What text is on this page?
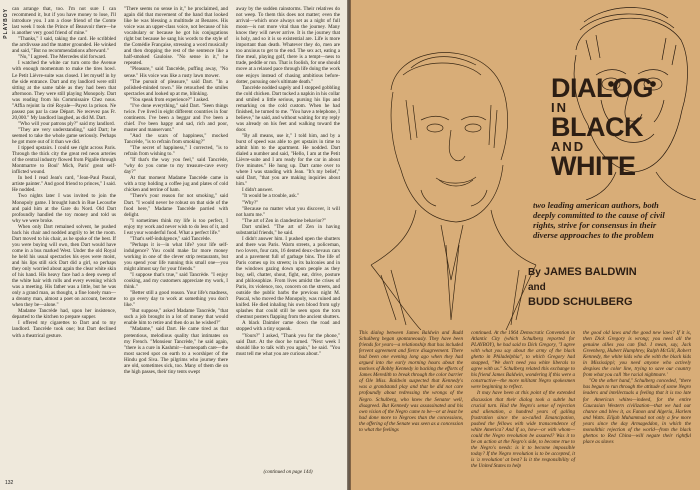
PLAYBOY can arrange that, too. I'm not sure I can recommend it, but if you have money to lose, I'll introduce you. I am a close friend of the Comte last week I took the Prince of Beauvoir there—he is another very good friend of mine."

"Thanks," I said, taking the card. He scribbled the arrdivssse and the matter grounded. He winked and said, "But no recommendations afterward."

"No," I agreed. The Mercedes slid forward.

I watched the white car turn onto the Avenue with enough momentum to make the tires howl. Le Petit Lièvre-suite was closed. I let myself in by the side entrance. Dart and my landlord were still sitting at the same table as they had been that afternoon. They were still playing Monopoly. Dart was reading from his Commissaire Chez nous. "Affia rejoint la cité Royale—Payez la prison. Ne passez pas par la case Départ. Ne recevez pas Fr. 20,000." My landlord laughed, as did M. Dart.

"Who will your patrons ply?" said my landlord.

"They are very understanding," said Dart; he seemed to take the whole game seriously. Perhaps he got more out of it than we did.

I tipped upstairs. I could see right across Paris. Through the thick city the great red neon arteries of the central industry flowed from Pigalle through Montmartre to Boul' Mich, Paris' great self-inflicted wound.

In bed I read Jean's card, "Jean-Paul Pascal, artiste painter." And good friend to princes," I said. He nodded.

Two nights later I was invited to join the Monopoly game. I brought lunch in Rue Lecourbe and paid him at the Gare du Nord. Old Dart profoundly handled the toy money and told us why we were broke.

When only Dart remained solvent, he pushed back his chair and nodded angrily to let the room. Dart moved to his chair, as he spoke of the best. If you were buying will own, then Dart would have come in a bus marked West. Under the old Royal he held his usual spectacles his eyes were moist, and his lips still sick Dart did a girl, so perhaps they only worried about again the clear white skin of his hand. His heavy face had a deep sweep of the white hair with rolls and every evening which was a meeting. His father was a little, but he was only a grand man, as thought, a fine lonely man—a dreamy man, almost a poet on account, become when they be—alone."

Madame Tancrède had, upon her insistence, departed to the kitchen to prepare supper.

I offered my cigarettes to Dart and to my landlord. Tancrède took one; but Dart declined with a theatrical gesture.

"There seems no sense in it," he proclaimed, and again did that movement of the hand that looked like he was blessing a multitude at Benares. His voice was an upper-class voice, not because of his vocabulary or because he got his conjugations right but because he sang his words to the style of the Comédie Française, stressing a word musically and then dropping the rest of the sentence like a half-smoked Gauloise. "No sense in it," he repeated.

"Pleasure," said Tancrède, puffing away, "No sense." His voice was like a rusty lawn mower.

"The pursuit of pleasure," said Dart. "In a polished-minded town." He retouched the smiles spectacles and looked up at me, blinking.

"You speak from experience?" I asked.

"I've done everything," said Dart. "Seen things twice. I've lived in eight different countries in four continents. I've been a beggar and I've been a chief. I've been happy and sad, rich and poor, master and manservant."

"And the scars of happiness," mocked Tancrède, "is to refrain from smoking?"

"The secret of happiness," I corrected, "is to refrain from wishing to."

"If that's the way you feel," said Tancrède, "why do you come to my treasure-cave every day?"

At that moment Madame Tancrède came in with a tray holding a coffee jug and plates of cold chicken and terrine of ham.

"There's your reason for not smoking," said Dart. "I would never be robust on that side of the food here," Madame Tancrède parried with delight.

"I sometimes think my life is too perfect, I enjoy my work and never wish to do less of it, and I eat your wonderful food. What a perfect life."

"That's self-indulgence," said Tancrède.

"Perhaps it is—in what life? your life self-indulgence? You could make far more money working in one of the clever strip restaurants, but you spend your life running this small one—you might almost say for your friends."

"I suppose that's true," said Tancrède. "I enjoy cooking, and my customers appreciate my work, I think."

"Better still a good reason. Your life's madness, to go every day to work at something you don't like."

"But suppose," asked Madame Tancrède, "that such a job brought in a lot of money that would enable him to retire and then do as he wished?"

"Madame," said Dart. He came tired as that pretentious, melodious quality that intimates on my French. "Monsieur Tancrède," he said again, "there is a cure in Kashmir—homeopath care—the most sacred spot on earth to a worshiper of the Hindu god Siva. The pilgrims who journey there are old, sometimes sick, too. Many of them die on the high passes, their tiny tents swept

away by the sudden rainstorms. Their relatives do not weep. To them this does not matter; even the arrival—which once always set as a night of full moon—is not more vital than the journey. Many know they will never arrive. It is the journey that is holy, and so it is so existential are. Life is more important than death. Whatever they do, men are too anxious to get to the end. The sex act, eating a fine meal, playing golf, there is a tempt—ness to trade, peddle or run. That is foolish, for one should move at a relaxed pace through life doing the work one enjoys instead of chasing ambitious before-dotter, pursuing one's ultimate death."

Tancrède nodded sagely and I stopped gobbling the cold chicken. Dart tucked a napkin in his collar and smiled a little serious, pursing his lips and remarking on the cold custom. When he had finished, he turned to me. "You have a telephone, I believe," he said, and without waiting for my reply was already on his feet and walking toward the door.

"By all means, use it," I told him, and by a burst of speed was able to get upstairs in time to admit him to the apartment. He nodded. Dart dialed a number and said, "Hello, I am at the Petit Lièvre-suite and I am ready for the car in about five minutes." He hung up. Dart came over to where I was standing with Jean. "It's my belief," said Dart, "that you are making inquiries about him."

I didn't answer.

"It would be a trouble, ask."

"Why?"

"Because no matter what you discover, it will not harm me."

"The art of Zen in clandestine behavior?"

Dart smiled. "The art of Zen in having substantial friends," he said.

I didn't answer him. I pushed open the shutters and there was Paris. Warm streets, a policeman, two lovers, four cats, 16 dented deux-chevaux cars and a pavement full of garbage bins. The life of Paris comes up its streets; in its balconies and in the windows gazing down upon people as they buy, sell, chatter, shout, fight, eat, drive, posture and philosophize. From lives amidst the crises of Paris, its violence, too, concern on the streets, and outside the public barbs the previous night M. Pascal, who moved the Monopoly, was ruined and knifed. He died inhaling his own blood from ugly splashes that could still be seen upon the torn chestnut posters flapping from the ancient shutters.

A black Daimler came down the road and stopped with a tiny squeak.

"Yours?" I asked, "Thank you for the phone," said Dart. At the door he turned. "Next week I should like to talk with you again," he said. "You must tell me what you are curious about."

(continued on page 144)
132
DIALOG
IN
BLACK
AND
WHITE
two leading american authors, both deeply committed to the cause of civil rights, strive for consensus in their diverse approaches to the problem
By JAMES BALDWIN
and
BUDD SCHULBERG

This dialog between James Baldwin and Budd Schulberg began spontaneously. They have been friends for years—a relationship that has included fervent agreement and fierce disagreement. There had been one evening long ago when they had argued into the early morning hours about the motives of Bobby Kennedy in backing the efforts of James Meredith to break through the color barrier of Ole Miss. Baldwin suspected that Kennedy's was a grandstand play and that he did not care profoundly about redressing the wrongs of the Negro. Schulberg, who knew the Senator well, disagreed. But Kennedy was assassinated and his own vision of the Negro came to be—or at least he had done more to Negroes than the concessions, the offering of the Senate was seen as a concession to what the feelings

continued. At the 1964 Democratic Convention in Atlantic City (which Schulberg reported for PLAYBOY), he had said to Dick Gregory, "I agree with what you say about the army of the black ghetto in Philadelphia", to which Gregory had snapped, "We don't need you white liberals to agree with us." Schulberg related this exchange to his friend James Baldwin, wondering if this were a constructive—the more militant Negro spokesmen were beginning to reflect.

It may have been at this point of the extended discussion that their dialog took a subtle but crucial turn. Had the Negro's sense of rejection and alienation, a hundred years of galling frustration since the so-called Emancipation, pushed the fellows with wide transcendence of white America? And if so, how—or with whom—could the Negro revolution be assured? Was it to be an action at the Negro's side, to become true to the Negro's needs: is it to become impossible today? If the Negro revolution is to be accepted, it is 'a revolution' at best? Is it the responsibility of the United States to help

the good old laws and the good new laws? If it is, then Dick Gregory is wrong; you need all the genuine allies you can find. I mean, say, Jack Greenberg, Hubert Humphrey, Ralph McGill, Robert Kennedy, the white kids who die with the black kids in Mississippi; you need anyone who actively despises the color line, trying to save our country from what you call 'the racial nightmare.'

"On the other hand," Schulberg conceded, "there has begun to run through the attitude of some Negro leaders and intellectuals a feeling that it is too late for American whites—indeed, for the entire Caucasian Western civilization—that we had our chance and blew it, as Fanon and Algeria, Harlem and Watts. Elijah Muhammad not only a few more years since the day Armageddon, in which the monolithic rejection of the world—from the black ghettos to Red China—will negate their rightful place as slaves
